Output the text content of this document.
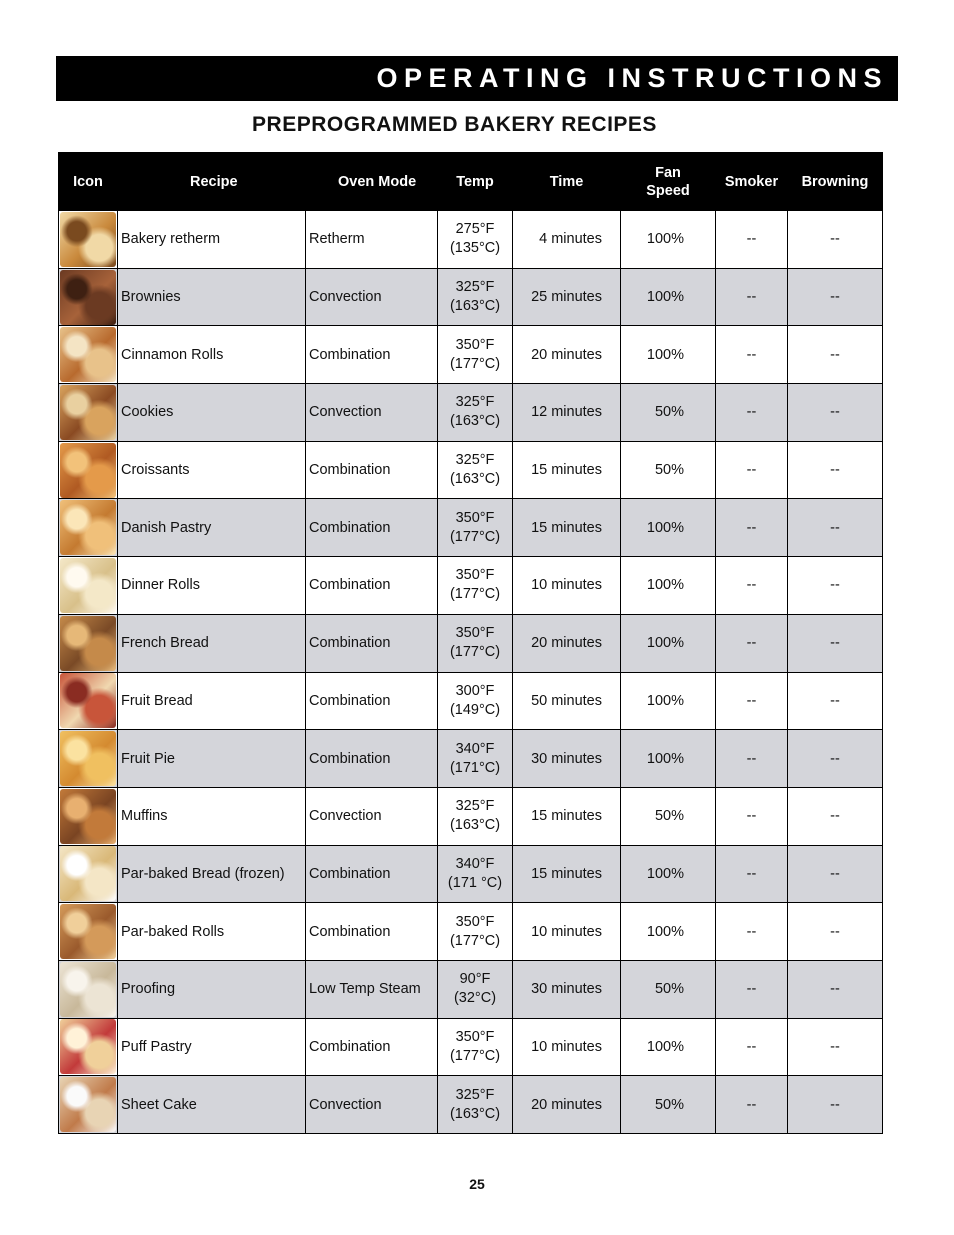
OPERATING INSTRUCTIONS
PREPROGRAMMED BAKERY RECIPES
Icon	Recipe	Oven Mode	Temp	Time	Fan
Speed	Smoker	Browning

	Bakery retherm	Retherm	275°F
(135°C)	4 minutes	100%	--	--

	Brownies	Convection	325°F
(163°C)	25 minutes	100%	--	--

	Cinnamon Rolls	Combination	350°F
(177°C)	20 minutes	100%	--	--

	Cookies	Convection	325°F
(163°C)	12 minutes	50%	--	--

	Croissants	Combination	325°F
(163°C)	15 minutes	50%	--	--

	Danish Pastry	Combination	350°F
(177°C)	15 minutes	100%	--	--

	Dinner Rolls	Combination	350°F
(177°C)	10 minutes	100%	--	--

	French Bread	Combination	350°F
(177°C)	20 minutes	100%	--	--

	Fruit Bread	Combination	300°F
(149°C)	50 minutes	100%	--	--

	Fruit Pie	Combination	340°F
(171°C)	30 minutes	100%	--	--

	Muffins	Convection	325°F
(163°C)	15 minutes	50%	--	--

	Par-baked Bread (frozen)	Combination	340°F
(171 °C)	15 minutes	100%	--	--

	Par-baked Rolls	Combination	350°F
(177°C)	10 minutes	100%	--	--

	Proofing	Low Temp Steam	90°F
(32°C)	30 minutes	50%	--	--

	Puff Pastry	Combination	350°F
(177°C)	10 minutes	100%	--	--

	Sheet Cake	Convection	325°F
(163°C)	20 minutes	50%	--	--
25
